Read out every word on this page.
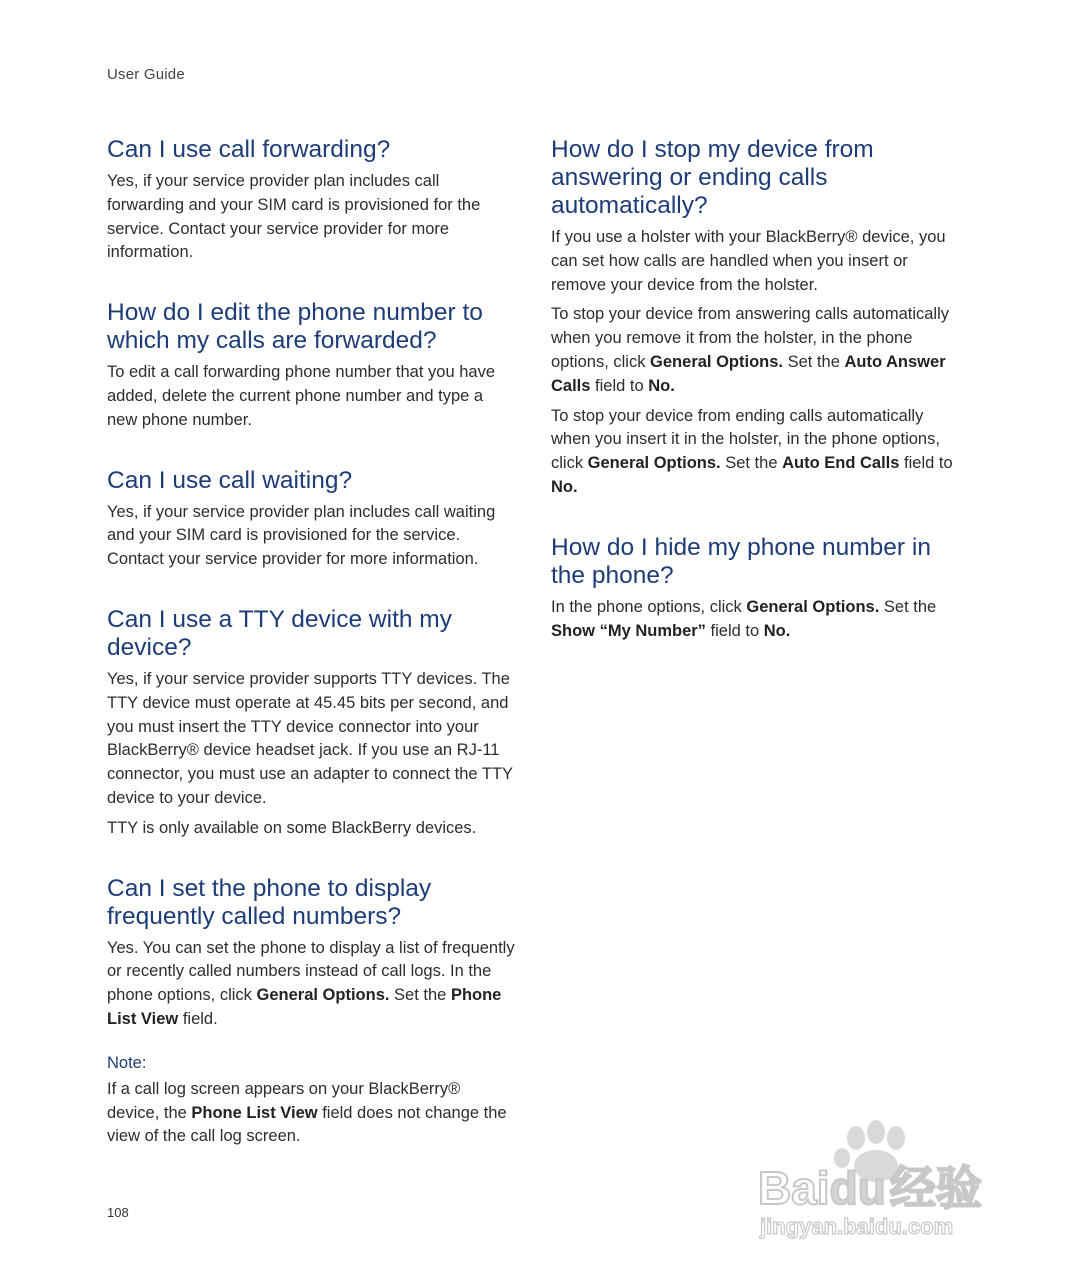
User Guide
Can I use call forwarding?

Yes, if your service provider plan includes call forwarding and your SIM card is provisioned for the service. Contact your service provider for more information.

How do I edit the phone number to
which my calls are forwarded?

To edit a call forwarding phone number that you have added, delete the current phone number and type a new phone number.

Can I use call waiting?

Yes, if your service provider plan includes call waiting and your SIM card is provisioned for the service. Contact your service provider for more information.

Can I use a TTY device with my
device?

Yes, if your service provider supports TTY devices. The TTY device must operate at 45.45 bits per second, and you must insert the TTY device connector into your BlackBerry® device headset jack. If you use an RJ-11 connector, you must use an adapter to connect the TTY device to your device.

TTY is only available on some BlackBerry devices.

Can I set the phone to display
frequently called numbers?

Yes. You can set the phone to display a list of frequently or recently called numbers instead of call logs. In the phone options, click General Options. Set the Phone List View field.

Note:

If a call log screen appears on your BlackBerry® device, the Phone List View field does not change the view of the call log screen.

How do I stop my device from
answering or ending calls
automatically?

If you use a holster with your BlackBerry® device, you can set how calls are handled when you insert or remove your device from the holster.

To stop your device from answering calls automatically when you remove it from the holster, in the phone options, click General Options. Set the Auto Answer Calls field to No.

To stop your device from ending calls automatically when you insert it in the holster, in the phone options, click General Options. Set the Auto End Calls field to No.

How do I hide my phone number in
the phone?

In the phone options, click General Options. Set the Show “My Number” field to No.

108	Baidu经验
jingyan.baidu.com
